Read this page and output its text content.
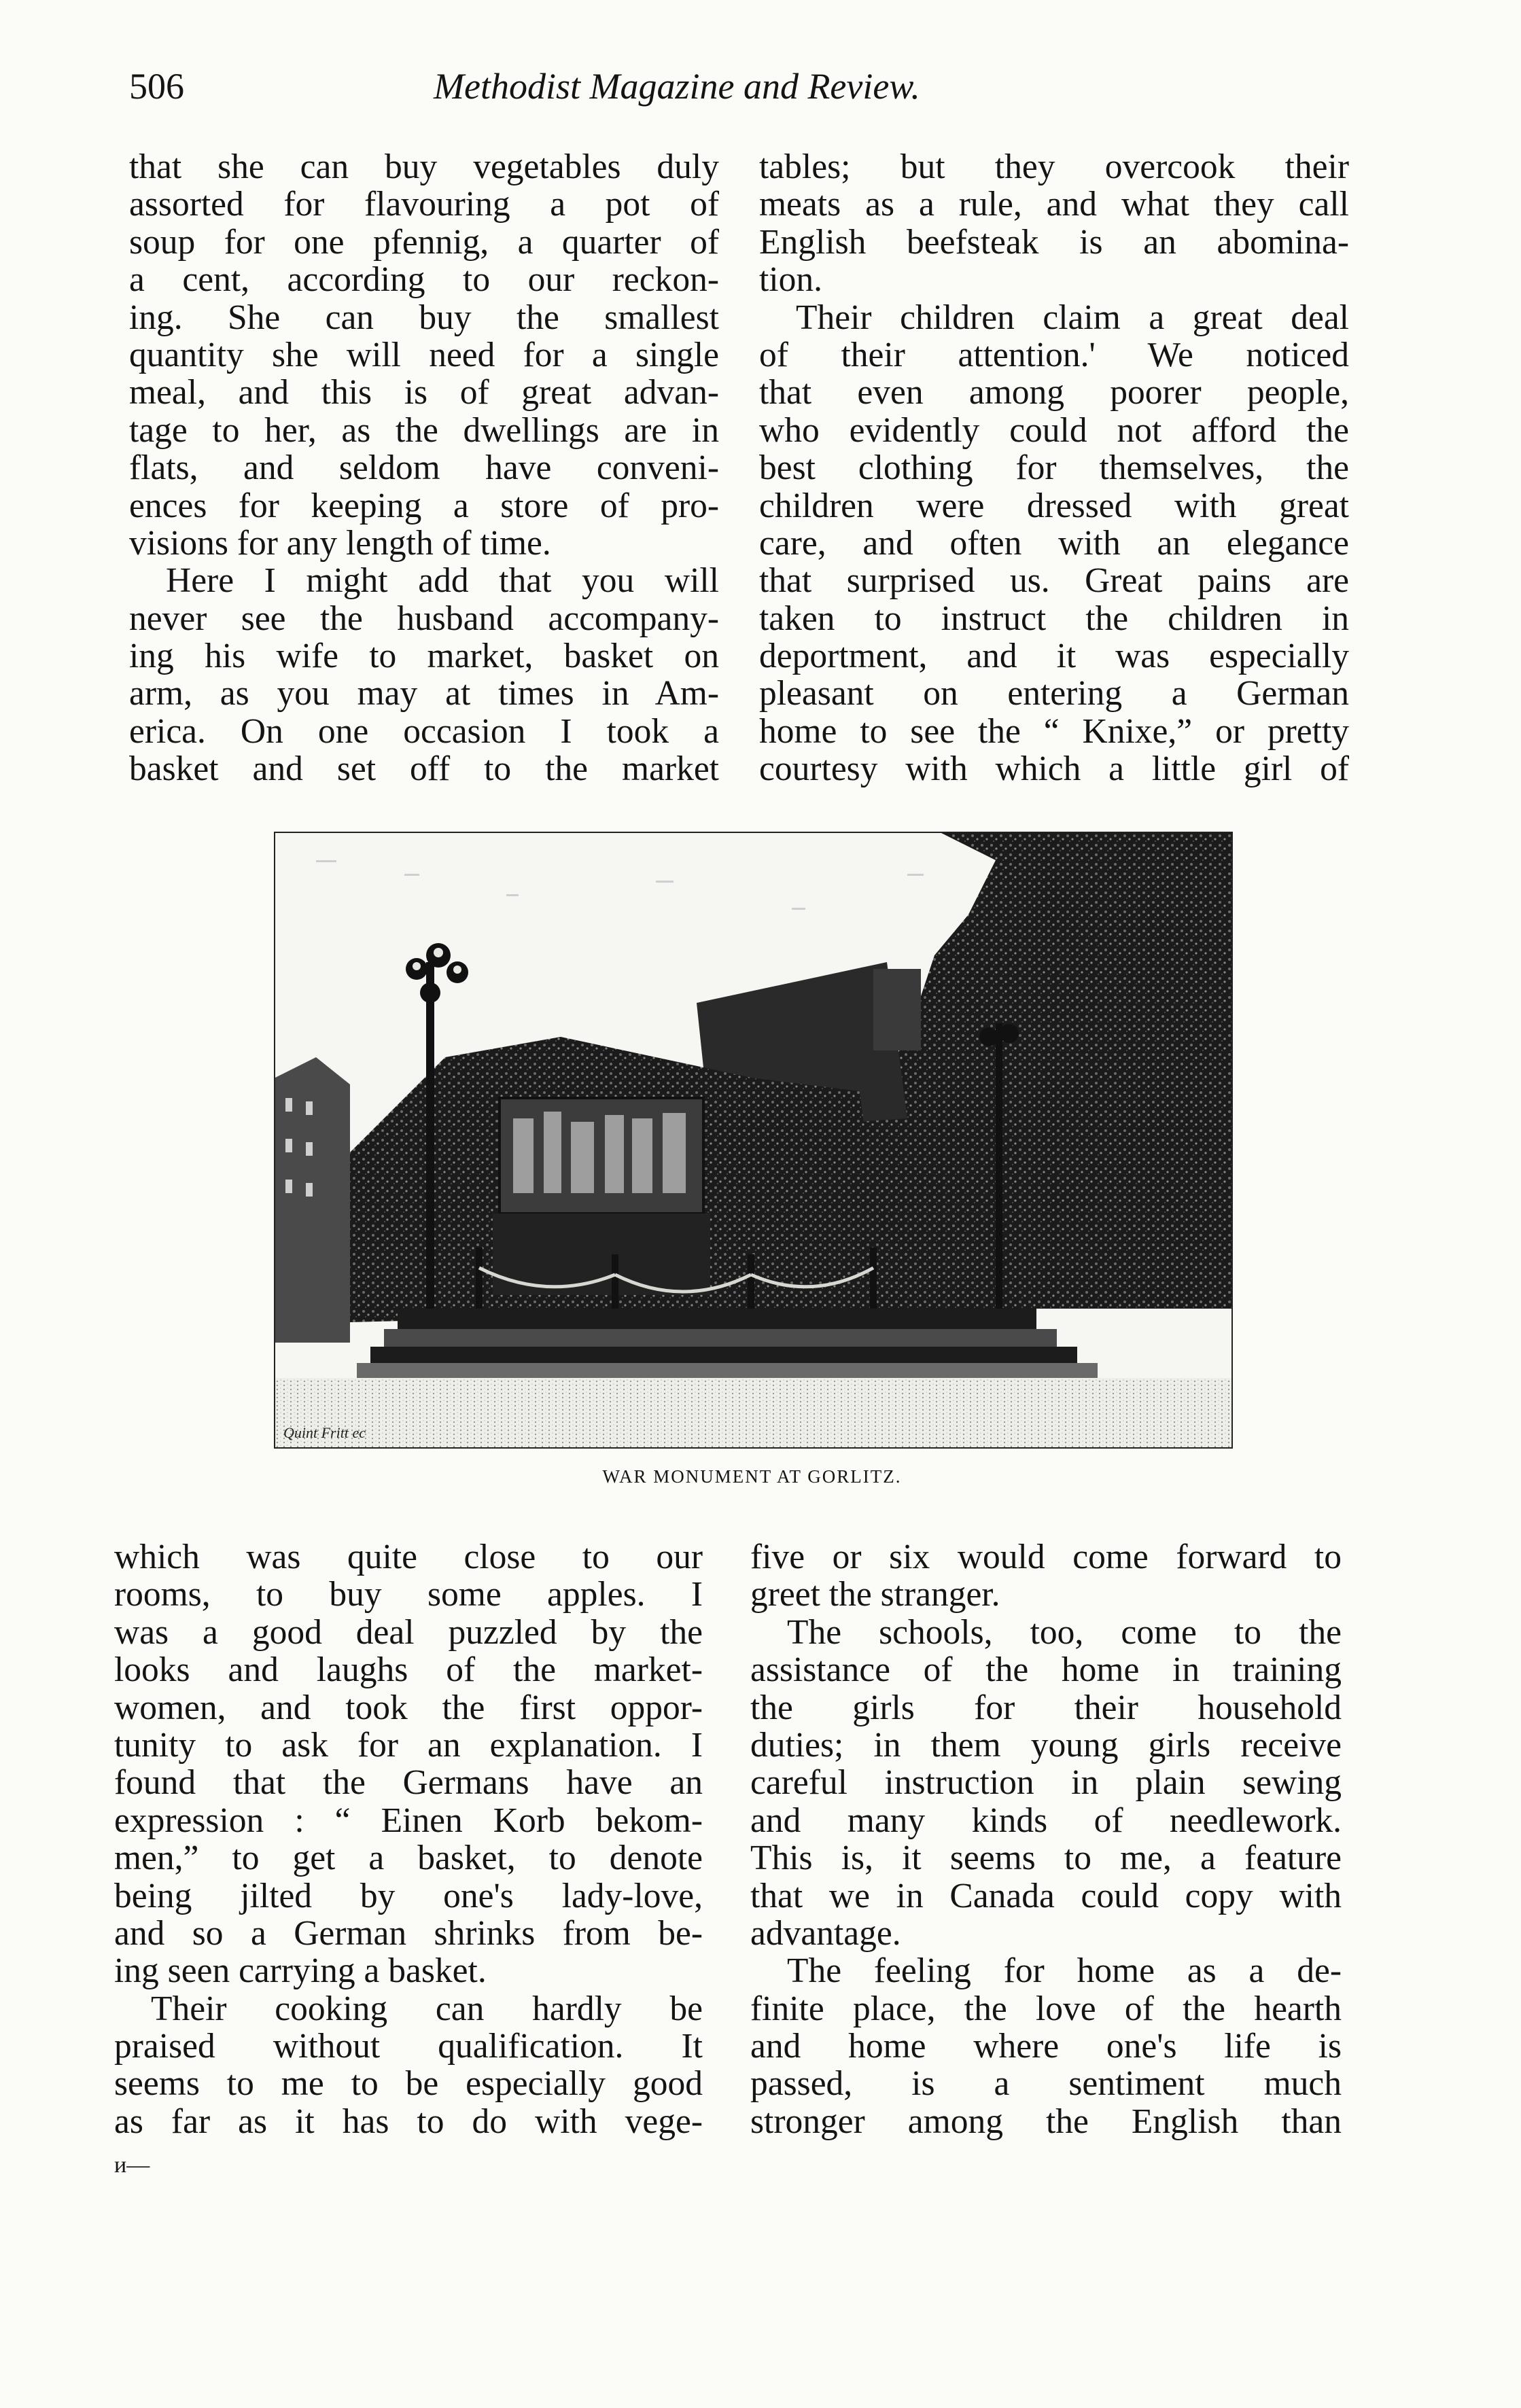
506	Methodist Magazine and Review.
that she can buy vegetables duly
assorted for flavouring a pot of
soup for one pfennig, a quarter of
a cent, according to our reckon-
ing. She can buy the smallest
quantity she will need for a single
meal, and this is of great advan-
tage to her, as the dwellings are in
flats, and seldom have conveni-
ences for keeping a store of pro-
visions for any length of time.
Here I might add that you will
never see the husband accompany-
ing his wife to market, basket on
arm, as you may at times in Am-
erica. On one occasion I took a
basket and set off to the market
tables; but they overcook their
meats as a rule, and what they call
English beefsteak is an abomina-
tion.
Their children claim a great deal
of their attention.' We noticed
that even among poorer people,
who evidently could not afford the
best clothing for themselves, the
children were dressed with great
care, and often with an elegance
that surprised us. Great pains are
taken to instruct the children in
deportment, and it was especially
pleasant on entering a German
home to see the “ Knixe,” or pretty
courtesy with which a little girl of
Quint Fritt ec
WAR MONUMENT AT GORLITZ.
which was quite close to our
rooms, to buy some apples. I
was a good deal puzzled by the
looks and laughs of the market-
women, and took the first oppor-
tunity to ask for an explanation. I
found that the Germans have an
expression : “ Einen Korb bekom-
men,” to get a basket, to denote
being jilted by one's lady-love,
and so a German shrinks from be-
ing seen carrying a basket.
Their cooking can hardly be
praised without qualification. It
seems to me to be especially good
as far as it has to do with vege-
five or six would come forward to
greet the stranger.
The schools, too, come to the
assistance of the home in training
the girls for their household
duties; in them young girls receive
careful instruction in plain sewing
and many kinds of needlework.
This is, it seems to me, a feature
that we in Canada could copy with
advantage.
The feeling for home as a de-
finite place, the love of the hearth
and home where one's life is
passed, is a sentiment much
stronger among the English than
и—
